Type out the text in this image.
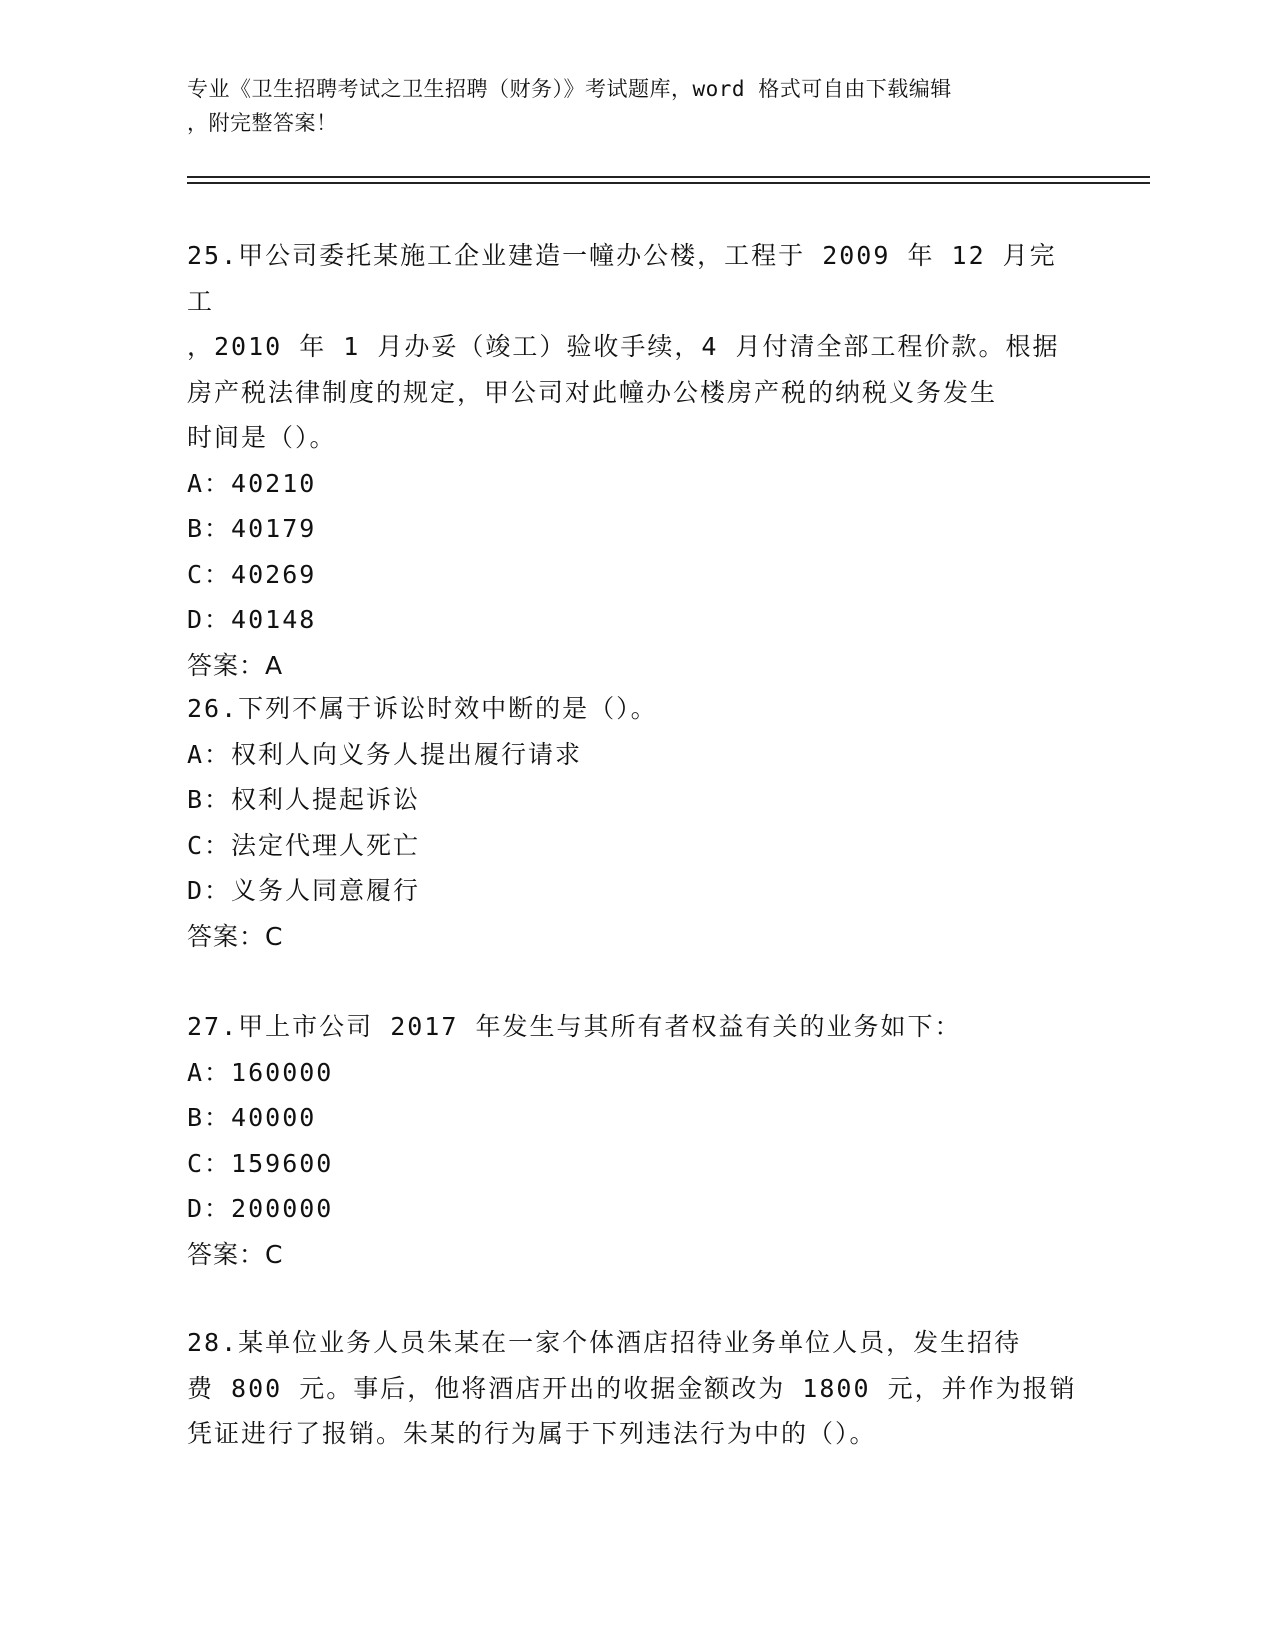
专业《卫生招聘考试之卫生招聘（财务）》考试题库，word 格式可自由下载编辑
，附完整答案！

25.甲公司委托某施工企业建造一幢办公楼，工程于 2009 年 12 月完工

，2010 年 1 月办妥（竣工）验收手续，4 月付清全部工程价款。根据

房产税法律制度的规定，甲公司对此幢办公楼房产税的纳税义务发生

时间是（）。

A：40210

B：40179

C：40269

D：40148

答案：A

26.下列不属于诉讼时效中断的是（）。

A：权利人向义务人提出履行请求

B：权利人提起诉讼

C：法定代理人死亡

D：义务人同意履行

答案：C

27.甲上市公司 2017 年发生与其所有者权益有关的业务如下：

A：160000

B：40000

C：159600

D：200000

答案：C

28.某单位业务人员朱某在一家个体酒店招待业务单位人员，发生招待

费 800 元。事后，他将酒店开出的收据金额改为 1800 元，并作为报销

凭证进行了报销。朱某的行为属于下列违法行为中的（）。
